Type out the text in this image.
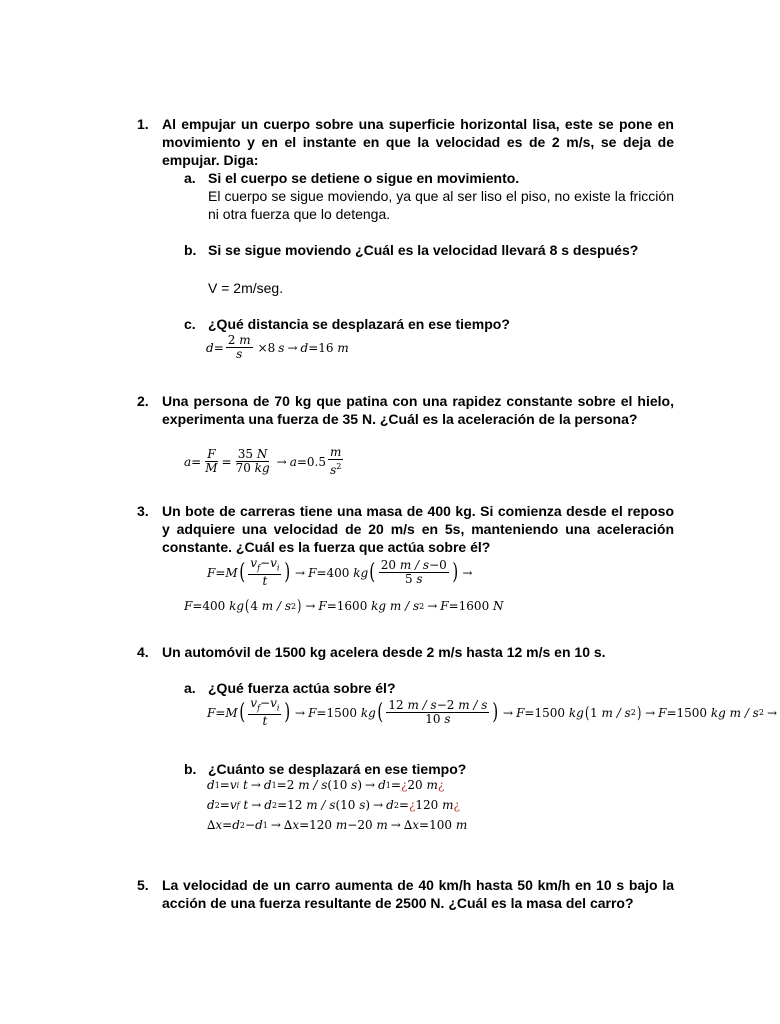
1. Al empujar un cuerpo sobre una superficie horizontal lisa, este se pone en movimiento y en el instante en que la velocidad es de 2 m/s, se deja de empujar. Diga:
a. Si el cuerpo se detiene o sigue en movimiento.
El cuerpo se sigue moviendo, ya que al ser liso el piso, no existe la fricción ni otra fuerza que lo detenga.
b. Si se sigue moviendo ¿Cuál es la velocidad llevará 8 s después?
V = 2m/seg.
c. ¿Qué distancia se desplazará en ese tiempo?
$d = \frac{2 m}{s} \times 8$ s → d =16 m
2. Una persona de 70 kg que patina con una rapidez constante sobre el hielo, experimenta una fuerza de 35 N. ¿Cuál es la aceleración de la persona?
$a = \frac{F}{M} = \frac{35 N}{70 kg} \to a =0.5 \frac{m}{s^2}$
3. Un bote de carreras tiene una masa de 400 kg. Si comienza desde el reposo y adquiere una velocidad de 20 m/s en 5s, manteniendo una aceleración constante. ¿Cuál es la fuerza que actúa sobre él?
F = M ( $\frac{v_f-v_i}{t}$ ) → F =400 kg ( $\frac{20 m / s-0}{5 s}$ ) →
F =400 kg ( 4 m / s 2 ) → F =1600 kg m / s 2 → F =1600 N
4. Un automóvil de 1500 kg acelera desde 2 m/s hasta 12 m/s en 10 s.
a. ¿Qué fuerza actúa sobre él?
F = M ( $\frac{v_f-v_i}{t}$ ) → F =1500 kg ( $\frac{12 m / s-2 m / s}{10 s}$ ) → F =1500 kg ( 1 m / s 2 ) → F =1500 kg m / s 2 →
b. ¿Cuánto se desplazará en ese tiempo?
d 1 = v i t → d 1 =2 m / s (10 s ) → d 1 = ¿ 20 m ¿
d 2 = v f t → d 2 =12 m / s (10 s ) → d 2 = ¿ 120 m ¿
∆ x = d 2 − d 1 → ∆ x =120 m −20 m → ∆ x =100 m
5. La velocidad de un carro aumenta de 40 km/h hasta 50 km/h en 10 s bajo la acción de una fuerza resultante de 2500 N. ¿Cuál es la masa del carro?
